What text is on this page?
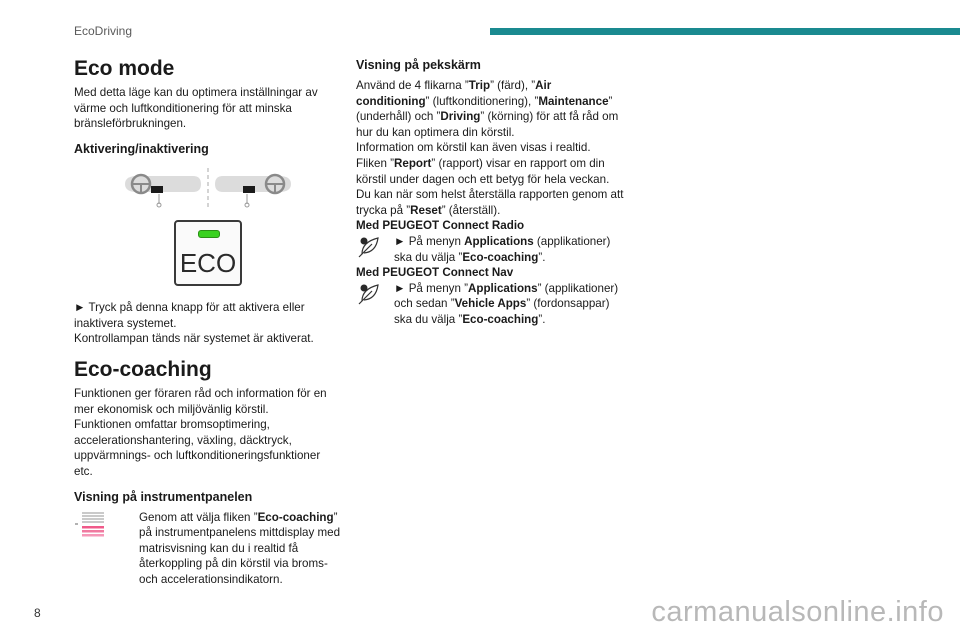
EcoDriving
Eco mode

Med detta läge kan du optimera inställningar av värme och luftkonditionering för att minska bränsleförbrukningen.

Aktivering/inaktivering
ECO

► Tryck på denna knapp för att aktivera eller inaktivera systemet.

Kontrollampan tänds när systemet är aktiverat.

Eco-coaching

Funktionen ger föraren råd och information för en mer ekonomisk och miljövänlig körstil.

Funktionen omfattar bromsoptimering, accelerationshantering, växling, däcktryck, uppvärmnings- och luftkonditioneringsfunktioner etc.

Visning på instrumentpanelen

Genom att välja fliken ”Eco-coaching” på instrumentpanelens mittdisplay med matrisvisning kan du i realtid få återkoppling på din körstil via broms- och accelerationsindikatorn.

Visning på pekskärm

Använd de 4 flikarna ”Trip” (färd), ”Air conditioning” (luftkonditionering), ”Maintenance” (underhåll) och ”Driving” (körning) för att få råd om hur du kan optimera din körstil.

Information om körstil kan även visas i realtid.

Fliken ”Report” (rapport) visar en rapport om din körstil under dagen och ett betyg för hela veckan.

Du kan när som helst återställa rapporten genom att trycka på ”Reset” (återställ).

Med PEUGEOT Connect Radio

► På menyn Applications (applikationer) ska du välja ”Eco-coaching”.

Med PEUGEOT Connect Nav

► På menyn ”Applications” (applikationer) och sedan ”Vehicle Apps” (fordonsappar) ska du välja ”Eco-coaching”.

8	carmanualsonline.info
